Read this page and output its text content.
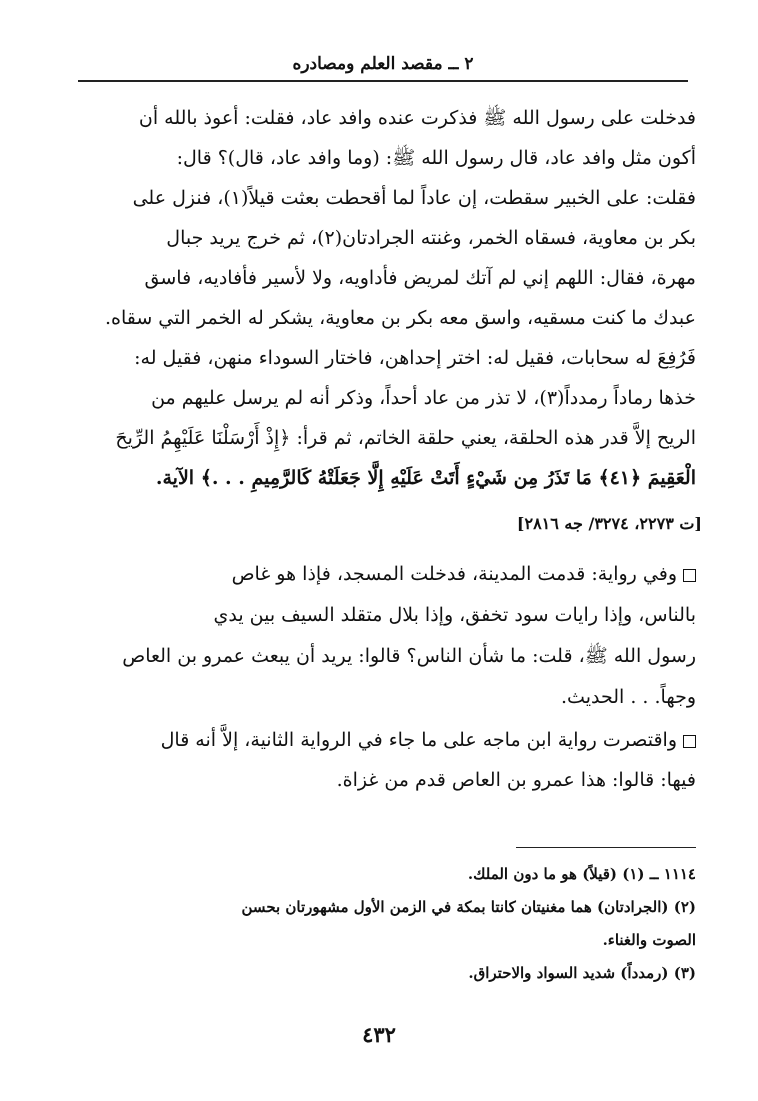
٢ ــ مقصد العلم ومصادره
فدخلت على رسول الله ﷺ فذكرت عنده وافد عاد، فقلت: أعوذ بالله أن
أكون مثل وافد عاد، قال رسول الله ﷺ: (وما وافد عاد، قال)؟ قال:
فقلت: على الخبير سقطت، إن عاداً لما أقحطت بعثت قيلاً(١)، فنزل على
بكر بن معاوية، فسقاه الخمر، وغنته الجرادتان(٢)، ثم خرج يريد جبال
مهرة، فقال: اللهم إني لم آتك لمريض فأداويه، ولا لأسير فأفاديه، فاسق
عبدك ما كنت مسقيه، واسق معه بكر بن معاوية، يشكر له الخمر التي سقاه.
فَرُفِعَ له سحابات، فقيل له: اختر إحداهن، فاختار السوداء منهن، فقيل له:
خذها رماداً رمدداً(٣)، لا تذر من عاد أحداً، وذكر أنه لم يرسل عليهم من
الريح إلاَّ قدر هذه الحلقة، يعني حلقة الخاتم، ثم قرأ: ﴿إِذْ أَرْسَلْنَا عَلَيْهِمُ الرِّيحَ
الْعَقِيمَ ﴿٤١﴾ مَا تَذَرُ مِن شَيْءٍ أَتَتْ عَلَيْهِ إِلَّا جَعَلَتْهُ كَالرَّمِيمِ . . .﴾ الآية.
[ت ٢٢٧٣، ٣٢٧٤/ جه ٢٨١٦]
وفي رواية: قدمت المدينة، فدخلت المسجد، فإذا هو غاص
بالناس، وإذا رايات سود تخفق، وإذا بلال متقلد السيف بين يدي
رسول الله ﷺ، قلت: ما شأن الناس؟ قالوا: يريد أن يبعث عمرو بن العاص
وجهاً. . . الحديث.
واقتصرت رواية ابن ماجه على ما جاء في الرواية الثانية، إلاَّ أنه قال
فيها: قالوا: هذا عمرو بن العاص قدم من غزاة.
١١١٤ ــ (١) (قيلاً) هو ما دون الملك.
(٢) (الجرادتان) هما مغنيتان كانتا بمكة في الزمن الأول مشهورتان بحسن
الصوت والغناء.
(٣) (رمدداً) شديد السواد والاحتراق.
٤٣٢
